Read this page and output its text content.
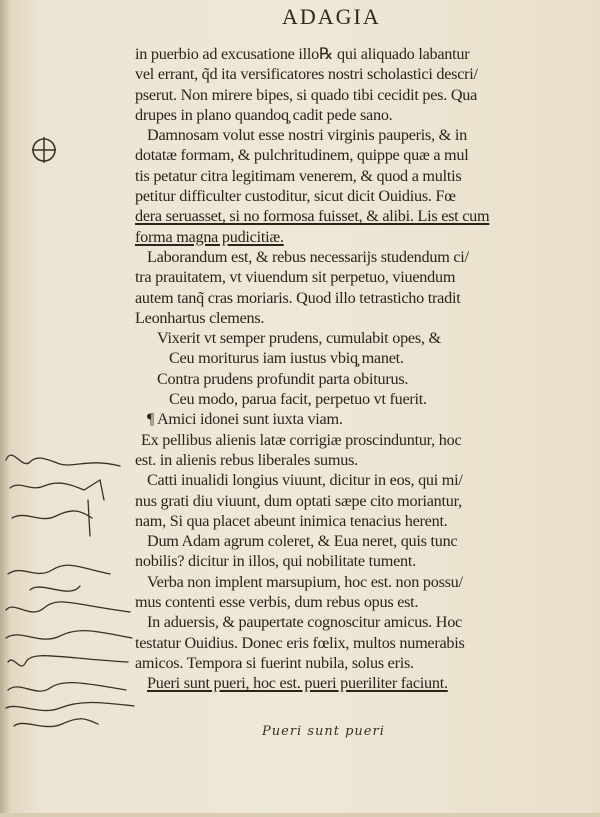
ADAGIA
in puerbio ad excusatione illo℞ qui aliquado labantur
vel errant, q̃d ita versificatores nostri scholastici descri/
pserut. Non mirere bipes, si quado tibi cecidit pes. Qua
drupes in plano quandoq̧ cadit pede sano.
Damnosam volut esse nostri virginis pauperis, & in
dotatæ formam, & pulchritudinem, quippe quæ a mul
tis petatur citra legitimam venerem, & quod a multis
petitur difficulter custoditur, sicut dicit Ouidius. Fœ
dera seruasset, si no formosa fuisset, & alibi. Lis est cum
forma magna pudicitiæ.
Laborandum est, & rebus necessarijs studendum ci/
tra prauitatem, vt viuendum sit perpetuo, viuendum
autem tanq̃ cras moriaris. Quod illo tetrasticho tradit
Leonhartus clemens.
Vixerit vt semper prudens, cumulabit opes, &
Ceu moriturus iam iustus vbiq̧ manet.
Contra prudens profundit parta obiturus.
Ceu modo, parua facit, perpetuo vt fuerit.
¶ Amici idonei sunt iuxta viam.
Ex pellibus alienis latæ corrigiæ proscinduntur, hoc
est. in alienis rebus liberales sumus.
Catti inualidi longius viuunt, dicitur in eos, qui mi/
nus grati diu viuunt, dum optati sæpe cito moriantur,
nam, Si qua placet abeunt inimica tenacius herent.
Dum Adam agrum coleret, & Eua neret, quis tunc
nobilis? dicitur in illos, qui nobilitate tument.
Verba non implent marsupium, hoc est. non possu/
mus contenti esse verbis, dum rebus opus est.
In aduersis, & paupertate cognoscitur amicus. Hoc
testatur Ouidius. Donec eris fœlix, multos numerabis
amicos. Tempora si fuerint nubila, solus eris.
Pueri sunt pueri, hoc est. pueri pueriliter faciunt.
Pueri sunt pueri
